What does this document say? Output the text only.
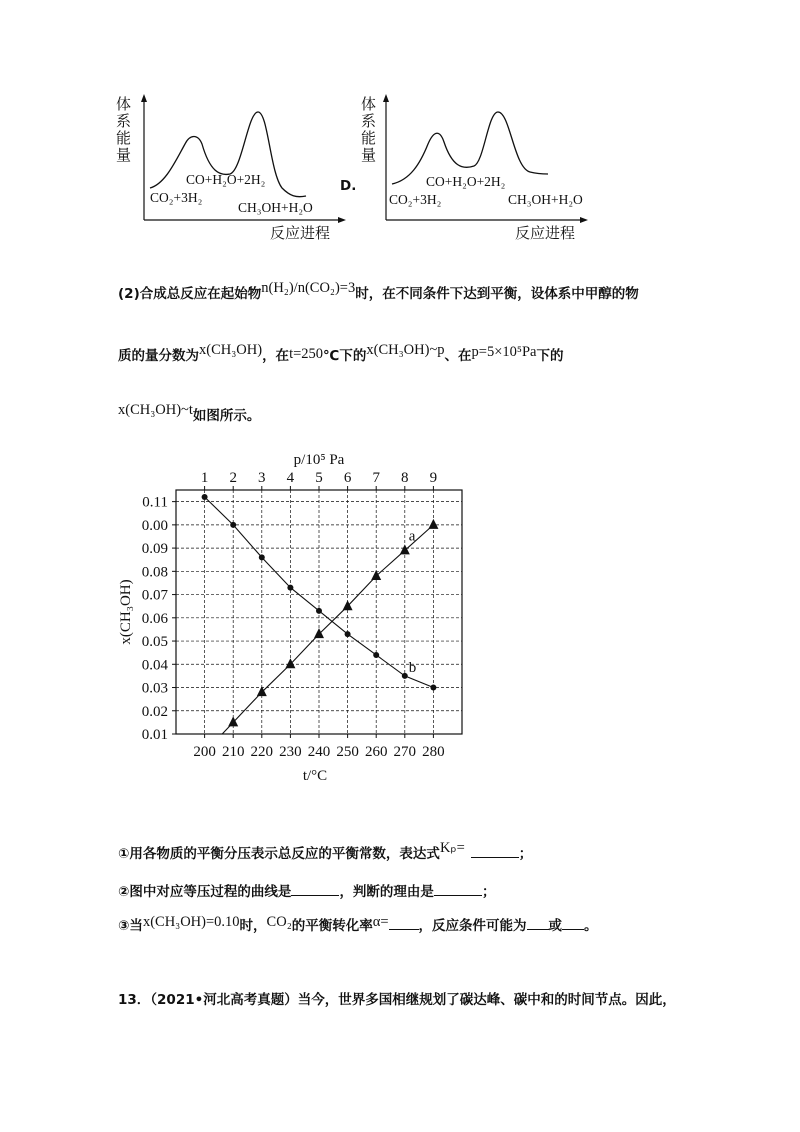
体系能量
CO+H₂O+2H₂
CO₂+3H₂
CH₃OH+H₂O
反应进程
D.
体系能量
CO+H₂O+2H₂
CO₂+3H₂	CH₃OH+H₂O
反应进程
(2)合成总反应在起始物n(H₂)/n(CO₂)=3时，在不同条件下达到平衡，设体系中甲醇的物
质的量分数为x(CH₃OH)，在t=250℃下的x(CH₃OH)~p、在p=5×10⁵Pa下的
x(CH₃OH)~t如图所示。
0.11
0.00
0.09
0.08
0.07
0.06
0.05
0.04
0.03
0.02
0.01
1 2 3 4 5 6 7 8 9
200 210 220 230 240 250 260 270 280
p/10⁵ Pa
t/°C
x(CH₃OH)
a
b
①用各物质的平衡分压表示总反应的平衡常数，表达式Kₚ=	；
②图中对应等压过程的曲线是	，判断的理由是	；
③当x(CH₃OH)=0.10时，CO₂的平衡转化率α= ，反应条件可能为 或 。
13．（2021•河北高考真题）当今，世界多国相继规划了碳达峰、碳中和的时间节点。因此，
